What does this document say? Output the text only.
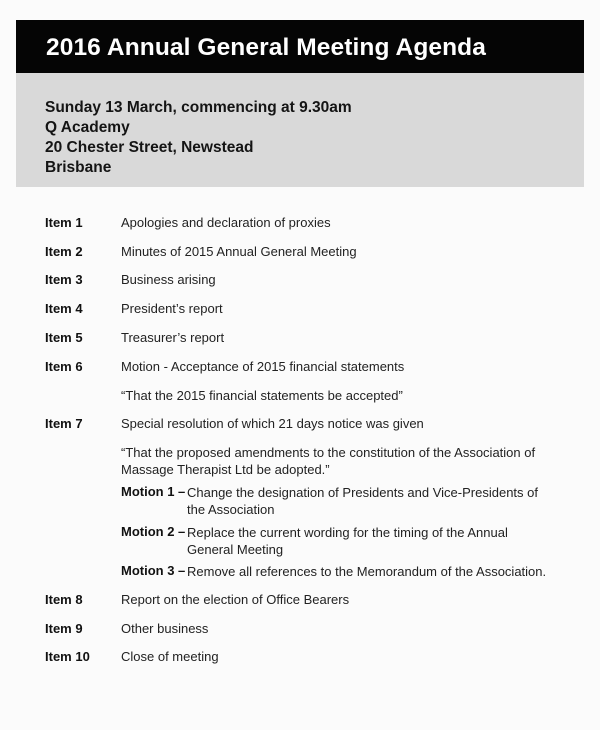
2016 Annual General Meeting Agenda
Sunday 13 March, commencing at 9.30am
Q Academy
20 Chester Street, Newstead
Brisbane
Item 1	Apologies and declaration of proxies
Item 2	Minutes of 2015 Annual General Meeting
Item 3	Business arising
Item 4	President’s report
Item 5	Treasurer’s report
Item 6	Motion - Acceptance of 2015 financial statements
“That the 2015 financial statements be accepted”
Item 7	Special resolution of which 21 days notice was given
“That the proposed amendments to the constitution of the Association of Massage Therapist Ltd be adopted.”
Motion 1 – Change the designation of Presidents and Vice-Presidents of the Association
Motion 2 – Replace the current wording for the timing of the Annual General Meeting
Motion 3 – Remove all references to the Memorandum of the Association.
Item 8	Report on the election of Office Bearers
Item 9	Other business
Item 10 Close of meeting
